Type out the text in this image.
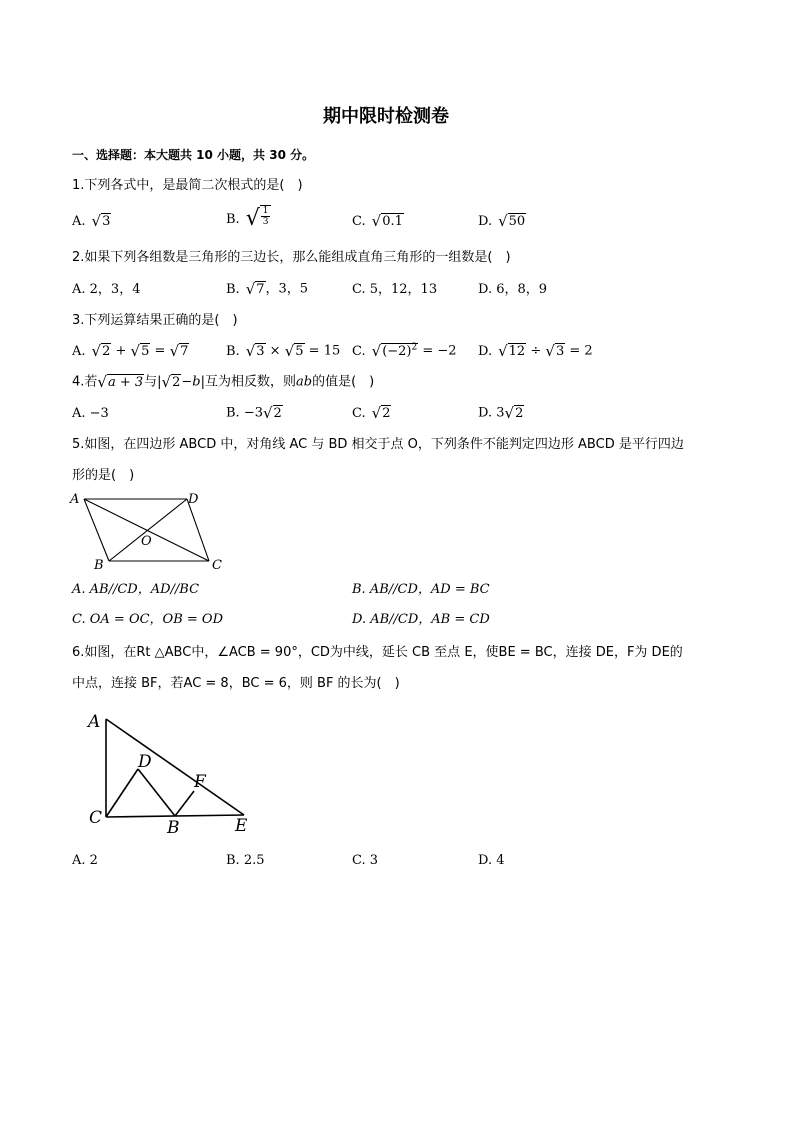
期中限时检测卷
一、选择题：本大题共 10 小题，共 30 分。
1.下列各式中，是最简二次根式的是(　)
A. √ 3	B. √ $\frac{1}{3}$	C. √ 0.1	D. √ 50
2.如果下列各组数是三角形的三边长，那么能组成直角三角形的一组数是(　)
A. 2，3，4	B. √ 7 ，3，5	C. 5，12，13	D. 6，8，9
3.下列运算结果正确的是(　)
A. √ 2 + √ 5 = √ 7	B. √ 3 × √ 5 = 15 C. √ $(-2)^2 = -2$ D. √ 12 ÷ √ 3 = 2
4.若 √ a + 3 与| √ 2 −b|互为相反数，则ab的值是(　)
A. −3	B. −3 √ 2	C. √ 2	D. 3 √ 2
5.如图，在四边形 ABCD 中，对角线 AC 与 BD 相交于点 O，下列条件不能判定四边形 ABCD 是平行四边
形的是(　)
A	D
O
B	C
A. AB//CD，AD//BC	B. AB//CD，AD = BC
C. OA = OC，OB = OD	D. AB//CD，AB = CD
6.如图，在Rt △ABC中，∠ACB = 90°，CD为中线，延长 CB 至点 E，使BE = BC，连接 DE，F为 DE的
中点，连接 BF，若AC = 8，BC = 6，则 BF 的长为(　)
A
D
F
C	B	E
A. 2	B. 2.5	C. 3	D. 4
